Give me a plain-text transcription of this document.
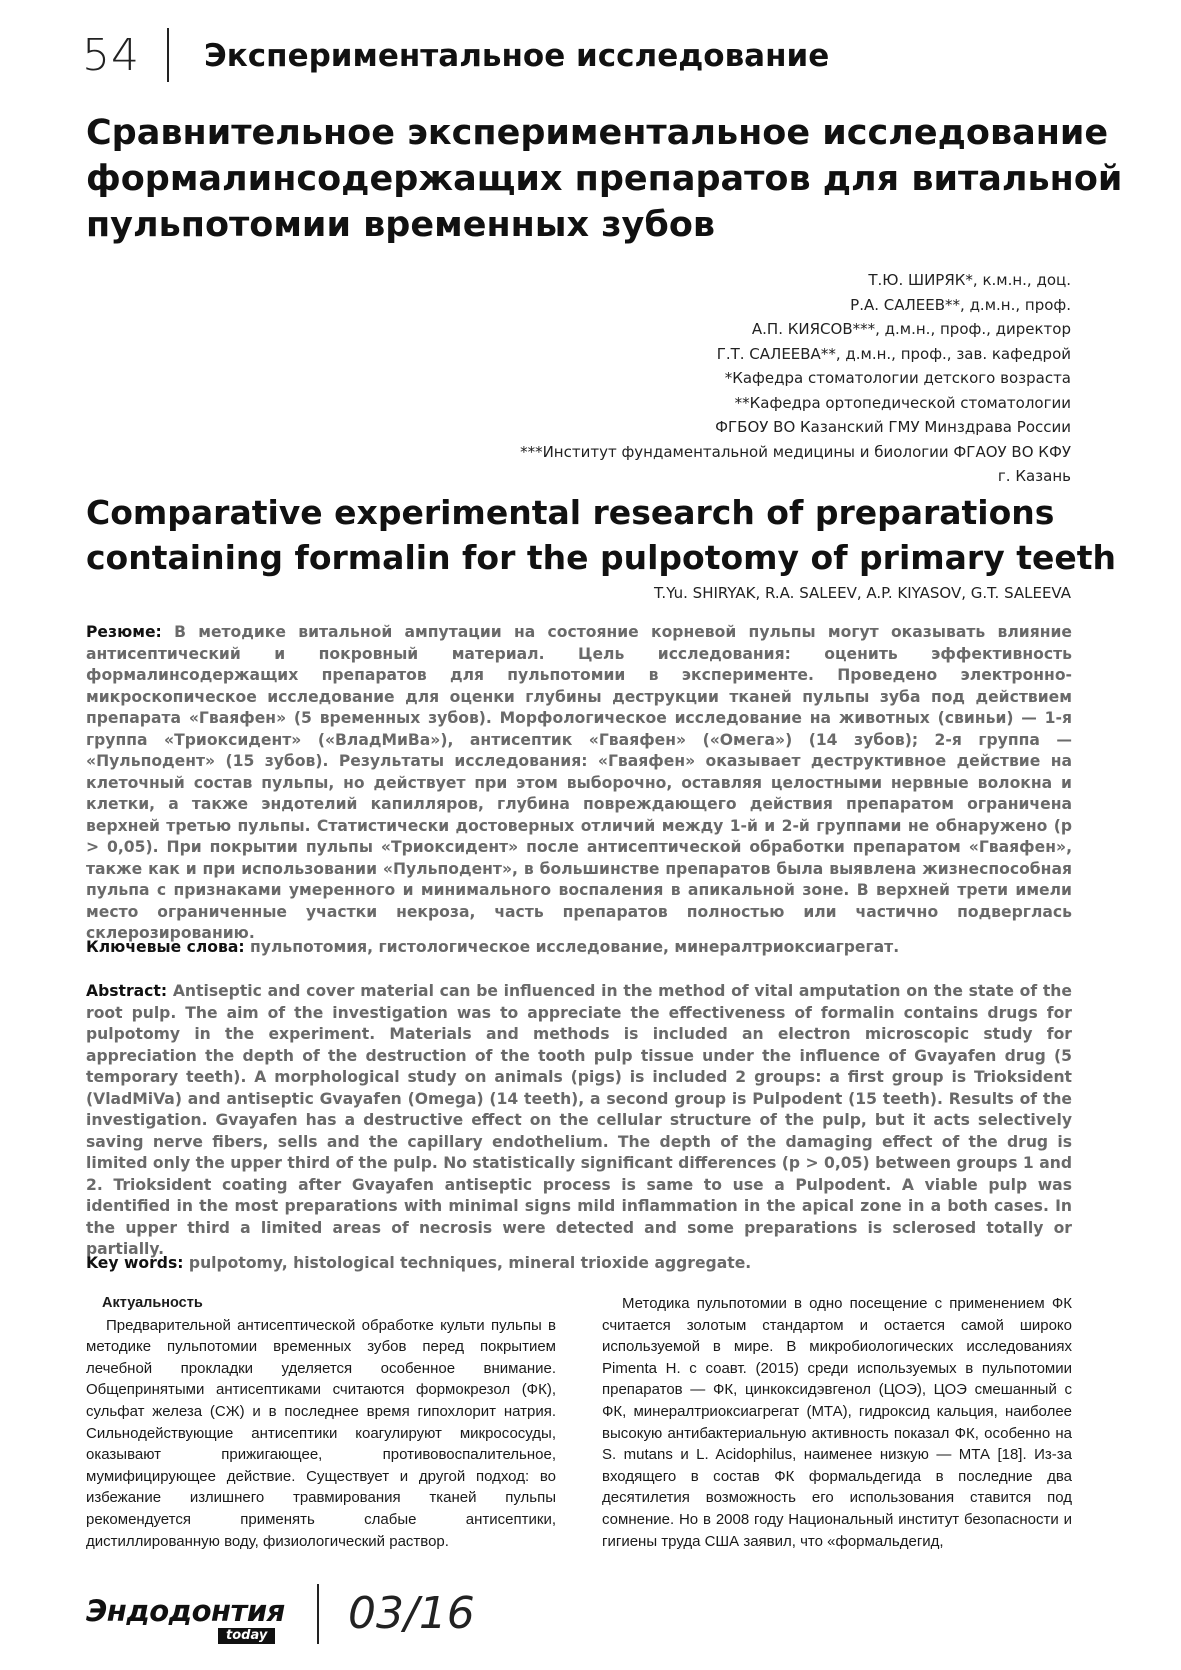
54 Экспериментальное исследование
Сравнительное экспериментальное исследование формалинсодержащих препаратов для витальной пульпотомии временных зубов
Т.Ю. ШИРЯК*, к.м.н., доц.
Р.А. САЛЕЕВ**, д.м.н., проф.
А.П. КИЯСОВ***, д.м.н., проф., директор
Г.Т. САЛЕЕВА**, д.м.н., проф., зав. кафедрой
*Кафедра стоматологии детского возраста
**Кафедра ортопедической стоматологии
ФГБОУ ВО Казанский ГМУ Минздрава России
***Институт фундаментальной медицины и биологии ФГАОУ ВО КФУ
г. Казань
Comparative experimental research of preparations containing formalin for the pulpotomy of primary teeth
T.Yu. SHIRYAK, R.A. SALEEV, A.P. KIYASOV, G.T. SALEEVA

Резюме: В методике витальной ампутации на состояние корневой пульпы могут оказывать влияние антисептический и покровный материал. Цель исследования: оценить эффективность формалинсодержащих препаратов для пульпотомии в эксперименте. Проведено электронно-микроскопическое исследование для оценки глубины деструкции тканей пульпы зуба под действием препарата «Гваяфен» (5 временных зубов). Морфологическое исследование на животных (свиньи) — 1-я группа «Триоксидент» («ВладМиВа»), антисептик «Гваяфен» («Омега») (14 зубов); 2-я группа — «Пульподент» (15 зубов). Результаты исследования: «Гваяфен» оказывает деструктивное действие на клеточный состав пульпы, но действует при этом выборочно, оставляя целостными нервные волокна и клетки, а также эндотелий капилляров, глубина повреждающего действия препаратом ограничена верхней третью пульпы. Статистически достоверных отличий между 1-й и 2-й группами не обнаружено (p > 0,05). При покрытии пульпы «Триоксидент» после антисептической обработки препаратом «Гваяфен», также как и при использовании «Пульподент», в большинстве препаратов была выявлена жизнеспособная пульпа с признаками умеренного и минимального воспаления в апикальной зоне. В верхней трети имели место ограниченные участки некроза, часть препаратов полностью или частично подверглась склерозированию.

Ключевые слова: пульпотомия, гистологическое исследование, минералтриоксиагрегат.

Abstract: Antiseptic and cover material can be influenced in the method of vital amputation on the state of the root pulp. The aim of the investigation was to appreciate the effectiveness of formalin contains drugs for pulpotomy in the experiment. Materials and methods is included an electron microscopic study for appreciation the depth of the destruction of the tooth pulp tissue under the influence of Gvayafen drug (5 temporary teeth). A morphological study on animals (pigs) is included 2 groups: a first group is Trioksident (VladMiVa) and antiseptic Gvayafen (Omega) (14 teeth), a second group is Pulpodent (15 teeth). Results of the investigation. Gvayafen has a destructive effect on the cellular structure of the pulp, but it acts selectively saving nerve fibers, sells and the capillary endothelium. The depth of the damaging effect of the drug is limited only the upper third of the pulp. No statistically significant differences (p > 0,05) between groups 1 and 2. Trioksident coating after Gvayafen antiseptic process is same to use a Pulpodent. A viable pulp was identified in the most preparations with minimal signs mild inflammation in the apical zone in a both cases. In the upper third a limited areas of necrosis were detected and some preparations is sclerosed totally or partially.

Key words: pulpotomy, histological techniques, mineral trioxide aggregate.

Актуальность

Предварительной антисептической обработке культи пульпы в методике пульпотомии временных зубов перед покрытием лечебной прокладки уделяется особенное внимание. Общепринятыми антисептиками считаются формокрезол (ФК), сульфат железа (СЖ) и в последнее время гипохлорит натрия. Сильнодействующие антисептики коагулируют микрососуды, оказывают прижигающее, противовоспалительное, мумифицирующее действие. Существует и другой подход: во избежание излишнего травмирования тканей пульпы рекомендуется применять слабые антисептики, дистиллированную воду, физиологический раствор.

Методика пульпотомии в одно посещение с применением ФК считается золотым стандартом и остается самой широко используемой в мире. В микробиологических исследованиях Pimenta H. с соавт. (2015) среди используемых в пульпотомии препаратов — ФК, цинкоксидэвгенол (ЦОЭ), ЦОЭ смешанный с ФК, минералтриоксиагрегат (МТА), гидроксид кальция, наиболее высокую антибактериальную активность показал ФК, особенно на S. mutans и L. Acidophilus, наименее низкую — МТА [18]. Из-за входящего в состав ФК формальдегида в последние два десятилетия возможность его использования ставится под сомнение. Но в 2008 году Национальный институт безопасности и гигиены труда США заявил, что «формальдегид,

Эндодонтия
today 03/16
